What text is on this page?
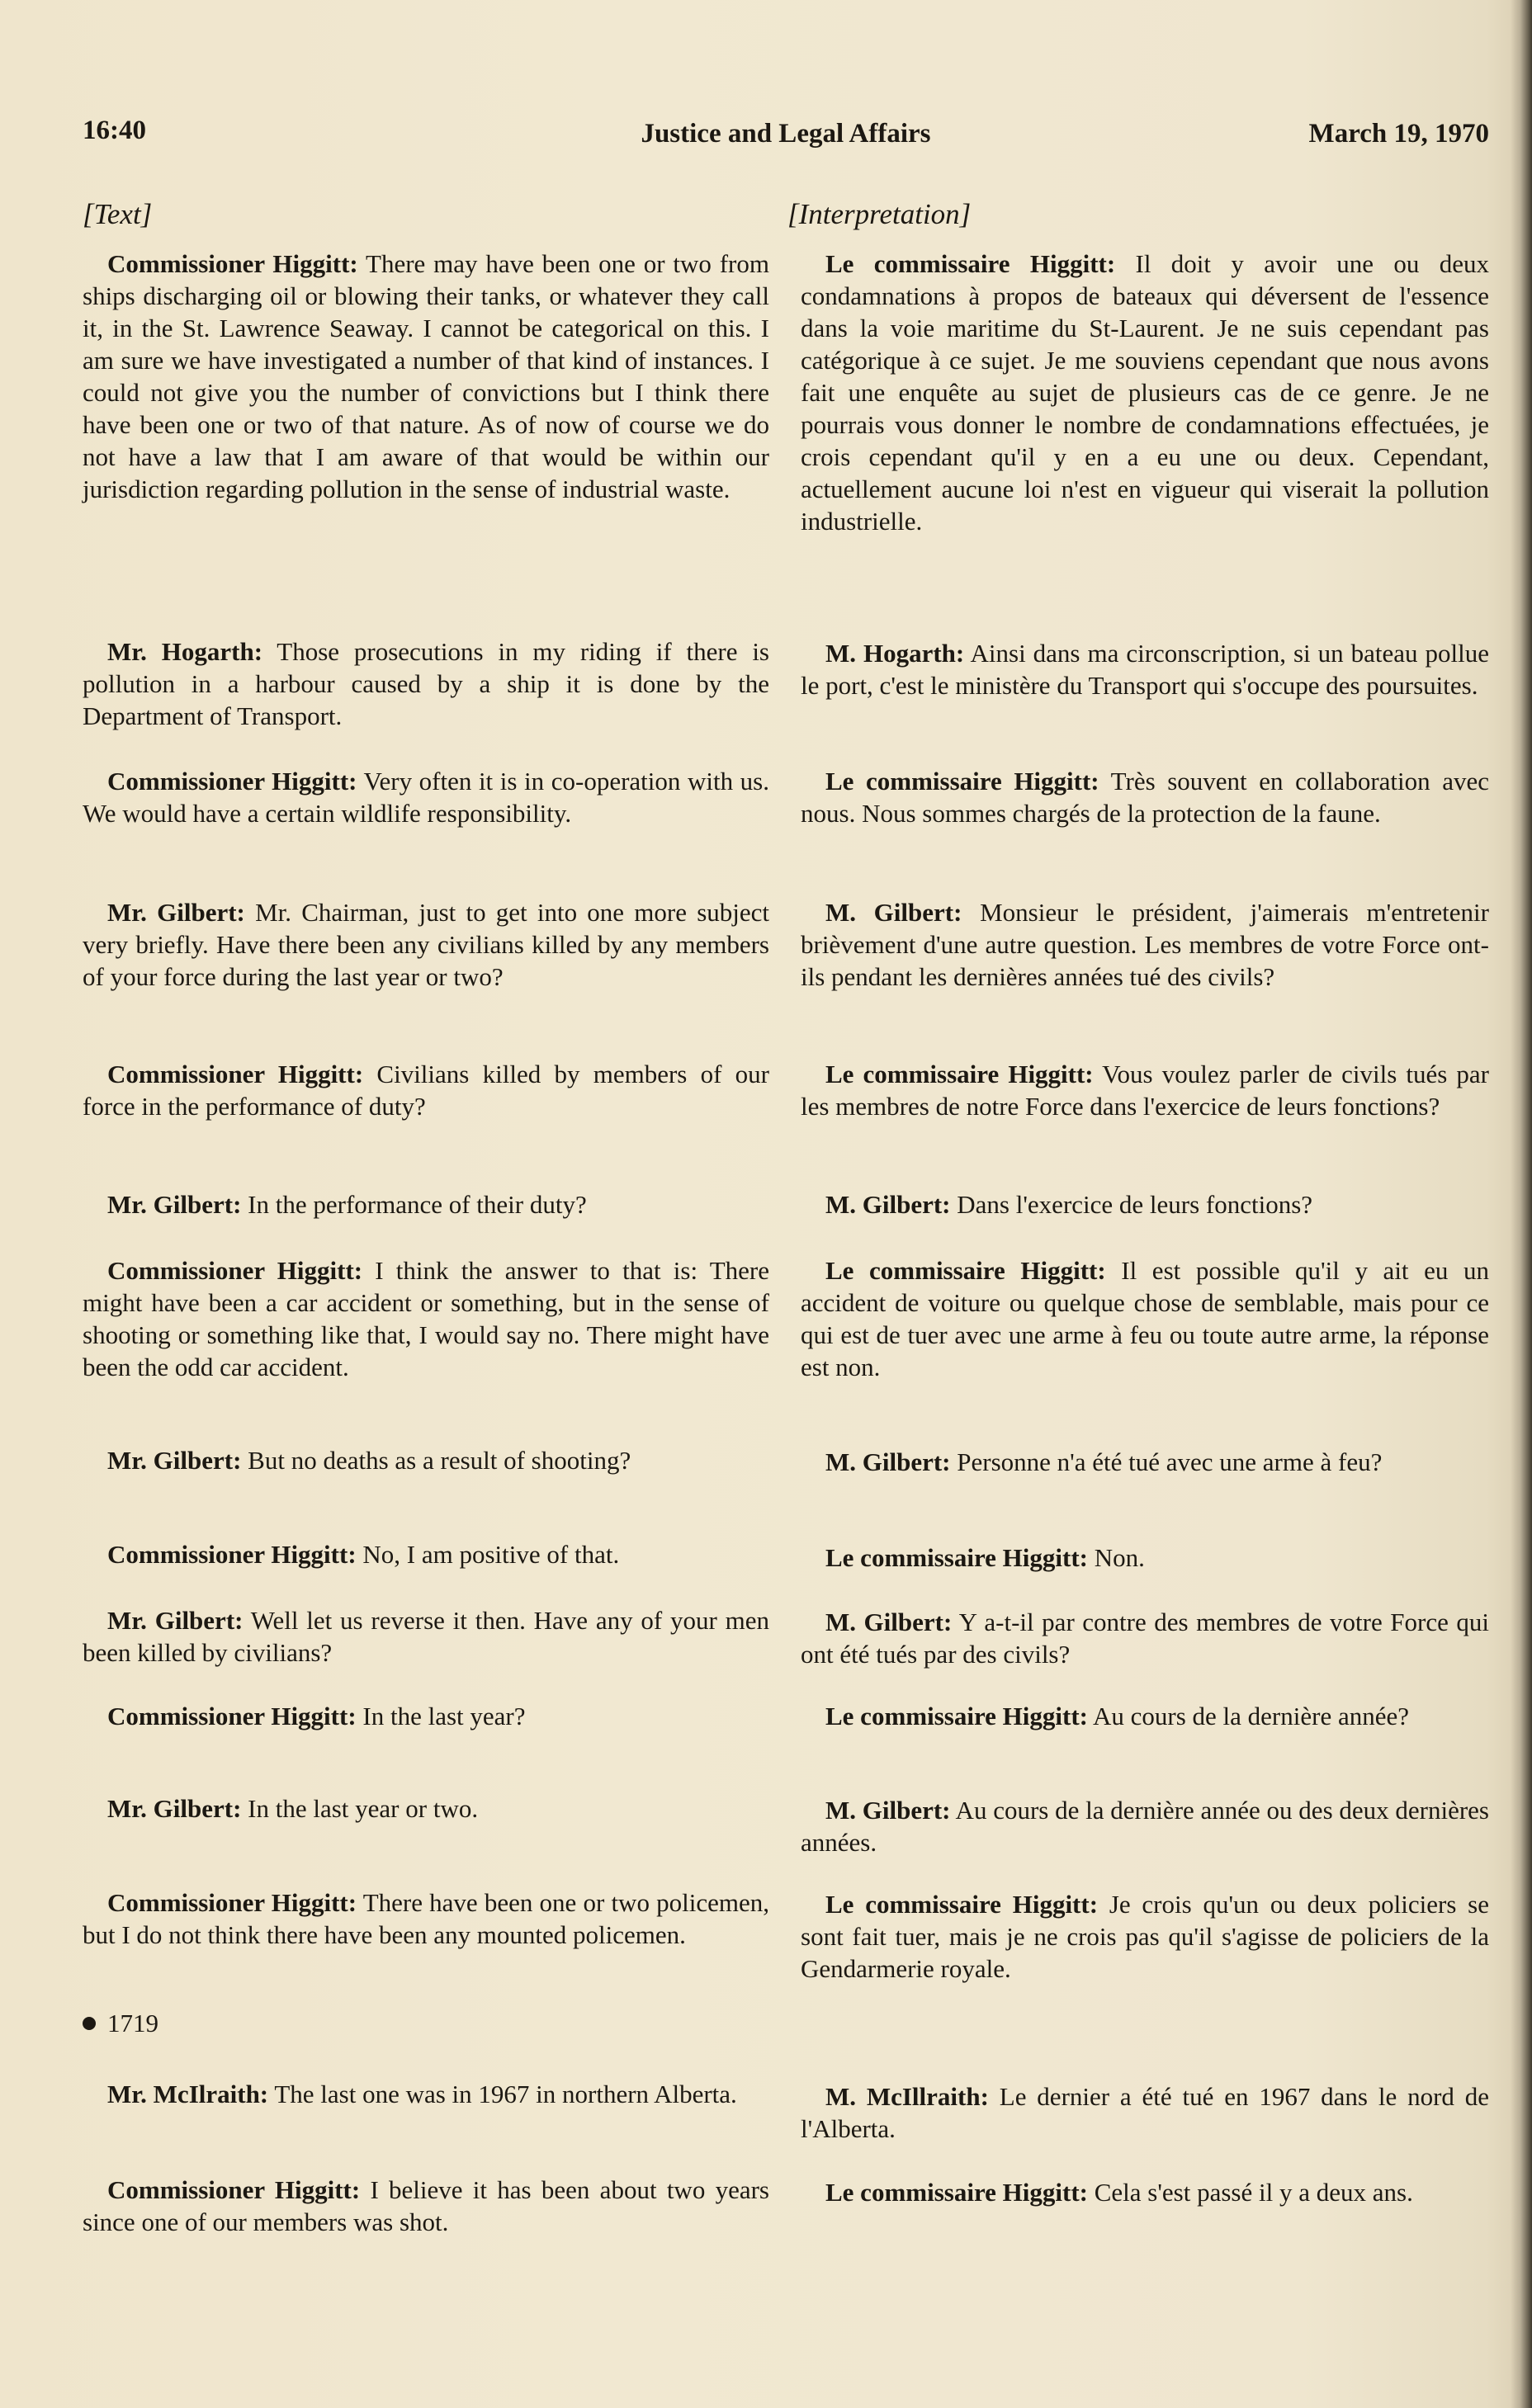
16:40	Justice and Legal Affairs	March 19, 1970
[Text]	[Interpretation]

Commissioner Higgitt: There may have been one or two from ships discharging oil or blowing their tanks, or whatever they call it, in the St. Lawrence Seaway. I cannot be categorical on this. I am sure we have investigated a number of that kind of instances. I could not give you the number of convictions but I think there have been one or two of that nature. As of now of course we do not have a law that I am aware of that would be within our jurisdiction regarding pollution in the sense of industrial waste.

Mr. Hogarth: Those prosecutions in my riding if there is pollution in a harbour caused by a ship it is done by the Department of Transport.

Commissioner Higgitt: Very often it is in co-operation with us. We would have a certain wildlife responsibility.

Mr. Gilbert: Mr. Chairman, just to get into one more subject very briefly. Have there been any civilians killed by any members of your force during the last year or two?

Commissioner Higgitt: Civilians killed by members of our force in the performance of duty?

Mr. Gilbert: In the performance of their duty?

Commissioner Higgitt: I think the answer to that is: There might have been a car accident or something, but in the sense of shooting or something like that, I would say no. There might have been the odd car accident.

Mr. Gilbert: But no deaths as a result of shooting?

Commissioner Higgitt: No, I am positive of that.

Mr. Gilbert: Well let us reverse it then. Have any of your men been killed by civilians?

Commissioner Higgitt: In the last year?

Mr. Gilbert: In the last year or two.

Commissioner Higgitt: There have been one or two policemen, but I do not think there have been any mounted policemen.

1719

Mr. McIlraith: The last one was in 1967 in northern Alberta.

Commissioner Higgitt: I believe it has been about two years since one of our members was shot.

Le commissaire Higgitt: Il doit y avoir une ou deux condamnations à propos de bateaux qui déversent de l'essence dans la voie maritime du St-Laurent. Je ne suis cependant pas catégorique à ce sujet. Je me souviens cependant que nous avons fait une enquête au sujet de plusieurs cas de ce genre. Je ne pourrais vous donner le nombre de condamnations effectuées, je crois cependant qu'il y en a eu une ou deux. Cependant, actuellement aucune loi n'est en vigueur qui viserait la pollution industrielle.

M. Hogarth: Ainsi dans ma circonscription, si un bateau pollue le port, c'est le ministère du Transport qui s'occupe des poursuites.

Le commissaire Higgitt: Très souvent en collaboration avec nous. Nous sommes chargés de la protection de la faune.

M. Gilbert: Monsieur le président, j'aimerais m'entretenir brièvement d'une autre question. Les membres de votre Force ont-ils pendant les dernières années tué des civils?

Le commissaire Higgitt: Vous voulez parler de civils tués par les membres de notre Force dans l'exercice de leurs fonctions?

M. Gilbert: Dans l'exercice de leurs fonctions?

Le commissaire Higgitt: Il est possible qu'il y ait eu un accident de voiture ou quelque chose de semblable, mais pour ce qui est de tuer avec une arme à feu ou toute autre arme, la réponse est non.

M. Gilbert: Personne n'a été tué avec une arme à feu?

Le commissaire Higgitt: Non.

M. Gilbert: Y a-t-il par contre des membres de votre Force qui ont été tués par des civils?

Le commissaire Higgitt: Au cours de la dernière année?

M. Gilbert: Au cours de la dernière année ou des deux dernières années.

Le commissaire Higgitt: Je crois qu'un ou deux policiers se sont fait tuer, mais je ne crois pas qu'il s'agisse de policiers de la Gendarmerie royale.

M. McIllraith: Le dernier a été tué en 1967 dans le nord de l'Alberta.

Le commissaire Higgitt: Cela s'est passé il y a deux ans.
